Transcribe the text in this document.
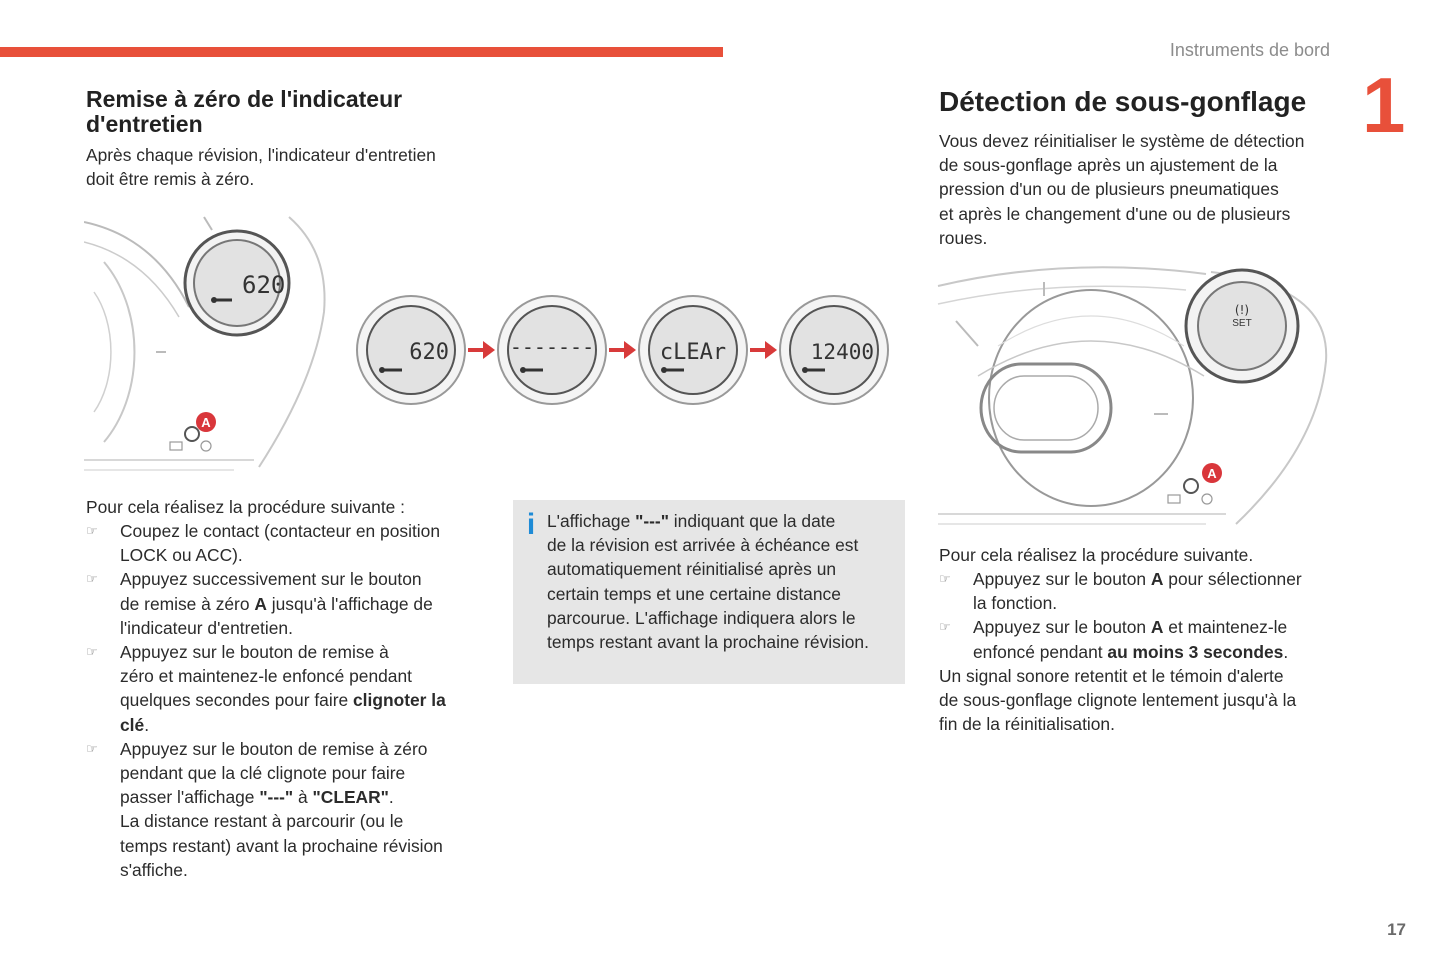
Instruments de bord
1
17
Remise à zéro de l'indicateur
d'entretien

Après chaque révision, l'indicateur d'entretien
doit être remis à zéro.

620
A
620	-------	cLEAr	12400

Pour cela réalisez la procédure suivante :

☞	Coupez le contact (contacteur en position
LOCK ou ACC).
☞	Appuyez successivement sur le bouton
de remise à zéro A jusqu'à l'affichage de
l'indicateur d'entretien.
☞	Appuyez sur le bouton de remise à
zéro et maintenez-le enfoncé pendant
quelques secondes pour faire clignoter la
clé.
☞	Appuyez sur le bouton de remise à zéro
pendant que la clé clignote pour faire
passer l'affichage "---" à "CLEAR".
La distance restant à parcourir (ou le
temps restant) avant la prochaine révision
s'affiche.
i L'affichage "---" indiquant que la date
de la révision est arrivée à échéance est
automatiquement réinitialisé après un
certain temps et une certaine distance
parcourue. L'affichage indiquera alors le
temps restant avant la prochaine révision.
Détection de sous-gonflage

Vous devez réinitialiser le système de détection
de sous-gonflage après un ajustement de la
pression d'un ou de plusieurs pneumatiques
et après le changement d'une ou de plusieurs
roues.

(!)
SET
A

Pour cela réalisez la procédure suivante.

☞	Appuyez sur le bouton A pour sélectionner
la fonction.
☞	Appuyez sur le bouton A et maintenez-le
enfoncé pendant au moins 3 secondes.

Un signal sonore retentit et le témoin d'alerte
de sous-gonflage clignote lentement jusqu'à la
fin de la réinitialisation.
